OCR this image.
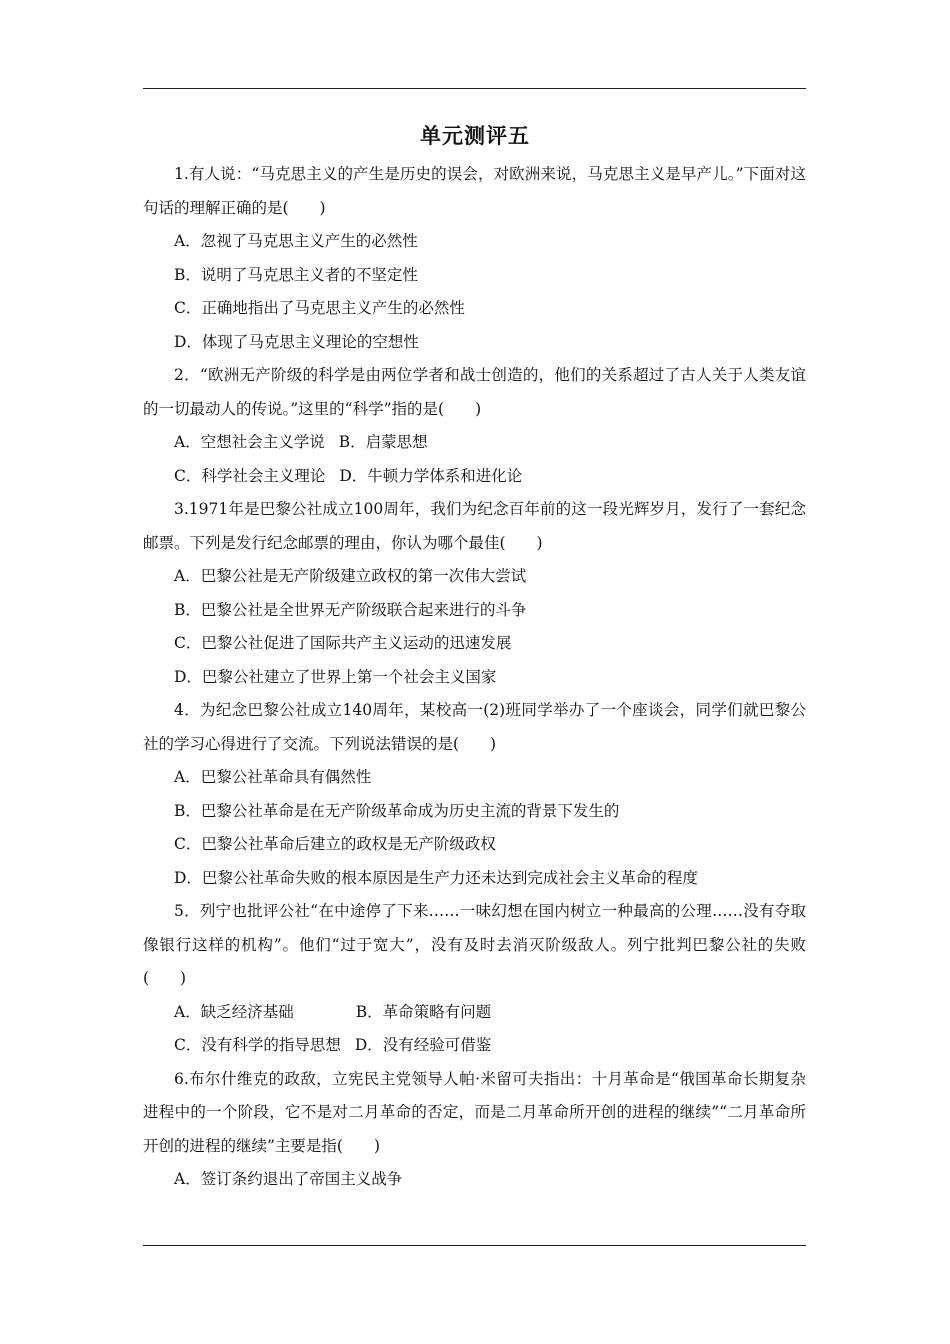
单元测评五
1.有人说：“马克思主义的产生是历史的误会，对欧洲来说，马克思主义是早产儿。”下面对这句话的理解正确的是(　　)
A．忽视了马克思主义产生的必然性
B．说明了马克思主义者的不坚定性
C．正确地指出了马克思主义产生的必然性
D．体现了马克思主义理论的空想性
2．“欧洲无产阶级的科学是由两位学者和战士创造的，他们的关系超过了古人关于人类友谊的一切最动人的传说。”这里的“科学”指的是(　　)
A．空想社会主义学说 B．启蒙思想
C．科学社会主义理论 D．牛顿力学体系和进化论
3.1971年是巴黎公社成立100周年，我们为纪念百年前的这一段光辉岁月，发行了一套纪念邮票。下列是发行纪念邮票的理由，你认为哪个最佳(　　)
A．巴黎公社是无产阶级建立政权的第一次伟大尝试
B．巴黎公社是全世界无产阶级联合起来进行的斗争
C．巴黎公社促进了国际共产主义运动的迅速发展
D．巴黎公社建立了世界上第一个社会主义国家
4．为纪念巴黎公社成立140周年，某校高一(2)班同学举办了一个座谈会，同学们就巴黎公社的学习心得进行了交流。下列说法错误的是(　　)
A．巴黎公社革命具有偶然性
B．巴黎公社革命是在无产阶级革命成为历史主流的背景下发生的
C．巴黎公社革命后建立的政权是无产阶级政权
D．巴黎公社革命失败的根本原因是生产力还未达到完成社会主义革命的程度
5．列宁也批评公社“在中途停了下来……一味幻想在国内树立一种最高的公理……没有夺取像银行这样的机构”。他们“过于宽大”，没有及时去消灭阶级敌人。列宁批判巴黎公社的失败(　　)
A．缺乏经济基础	B．革命策略有问题
C．没有科学的指导思想 D．没有经验可借鉴
6.布尔什维克的政敌，立宪民主党领导人帕·米留可夫指出：十月革命是“俄国革命长期复杂进程中的一个阶段，它不是对二月革命的否定，而是二月革命所开创的进程的继续”“二月革命所开创的进程的继续”主要是指(　　)
A．签订条约退出了帝国主义战争
